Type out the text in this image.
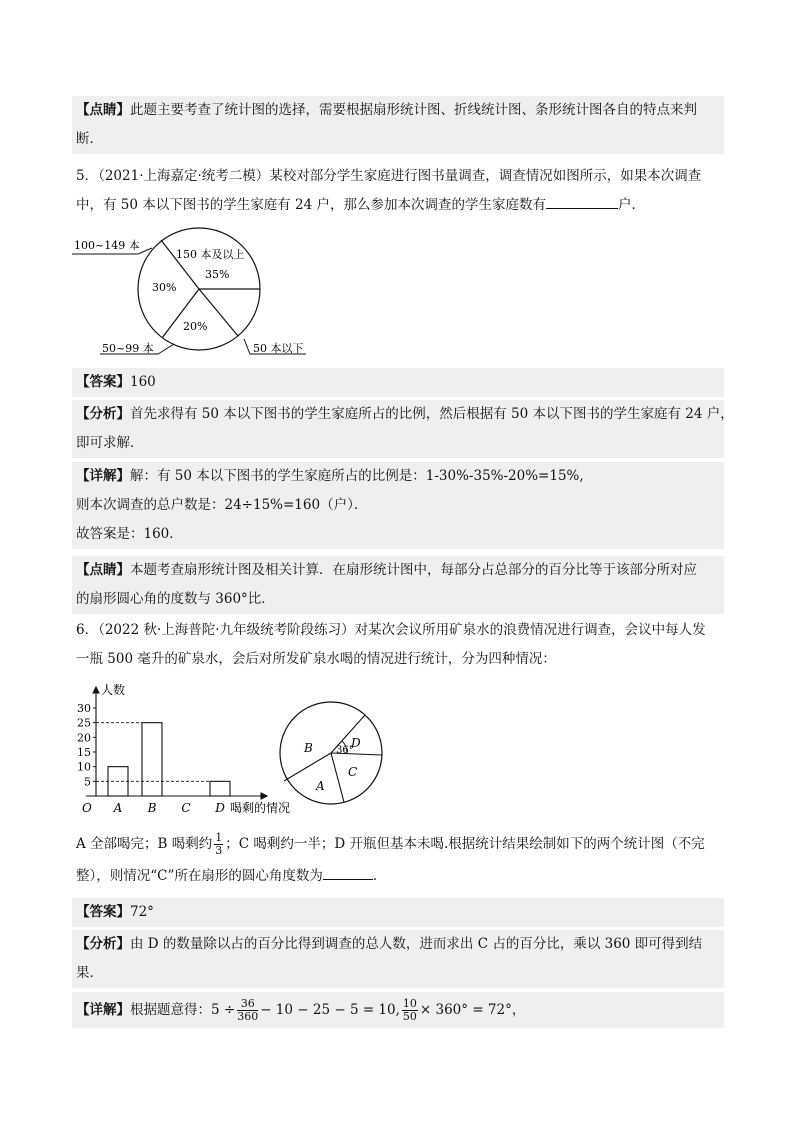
【点睛】此题主要考查了统计图的选择，需要根据扇形统计图、折线统计图、条形统计图各自的特点来判
断．
5．（2021·上海嘉定·统考二模）某校对部分学生家庭进行图书量调查，调查情况如图所示，如果本次调查
中，有 50 本以下图书的学生家庭有 24 户，那么参加本次调查的学生家庭数有	户．
100~149 本
150 本及以上
35%
30%
20%
50~99 本	50 本以下
【答案】160
【分析】首先求得有 50 本以下图书的学生家庭所占的比例，然后根据有 50 本以下图书的学生家庭有 24 户，
即可求解．
【详解】解：有 50 本以下图书的学生家庭所占的比例是：1-30%-35%-20%=15%,
则本次调查的总户数是：24÷15%=160（户）．
故答案是：160．
【点睛】本题考查扇形统计图及相关计算．在扇形统计图中，每部分占总部分的百分比等于该部分所对应
的扇形圆心角的度数与 360°比．
6．（2022 秋·上海普陀·九年级统考阶段练习）对某次会议所用矿泉水的浪费情况进行调查，会议中每人发
一瓶 500 毫升的矿泉水，会后对所发矿泉水喝的情况进行统计，分为四种情况：
人数
喝剩的情况
O
5
10
15
20
25
30
A B C D
36°
B	D
C
A
A 全部喝完；B 喝剩约 $\frac{1}{3}$ ；C 喝剩约一半；D 开瓶但基本未喝.根据统计结果绘制如下的两个统计图（不完
整），则情况“C”所在扇形的圆心角度数为	．
【答案】72°
【分析】由 D 的数量除以占的百分比得到调查的总人数，进而求出 C 占的百分比，乘以 360 即可得到结
果．
【详解】根据题意得：$5 \div \frac{36}{360} - 10 - 25 - 5 = 10$, $\frac{10}{50} \times 360^\circ = 72^\circ$，
